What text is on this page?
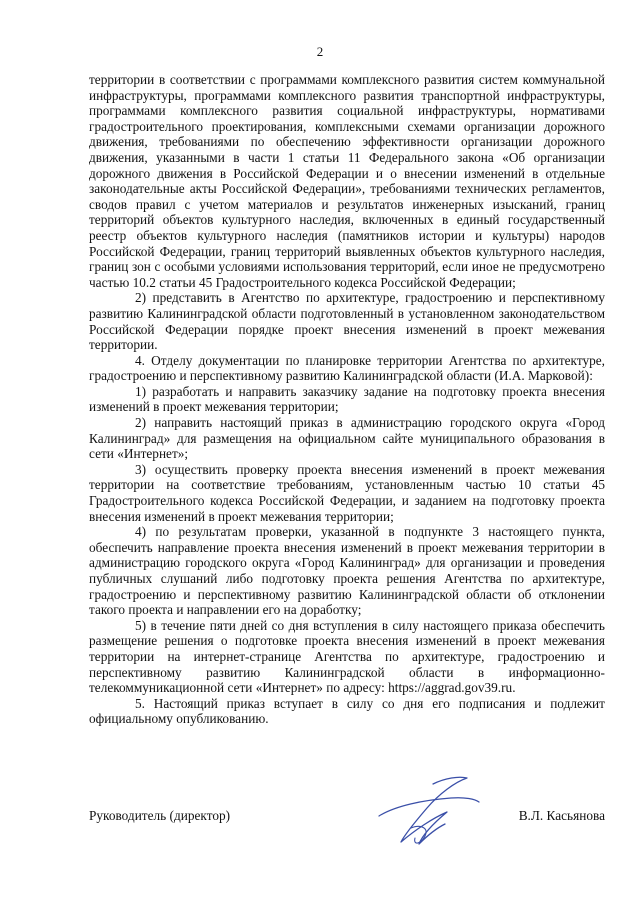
2

территории в соответствии с программами комплексного развития систем коммунальной инфраструктуры, программами комплексного развития транспортной инфраструктуры, программами комплексного развития социальной инфраструктуры, нормативами градостроительного проектирования, комплексными схемами организации дорожного движения, требованиями по обеспечению эффективности организации дорожного движения, указанными в части 1 статьи 11 Федерального закона «Об организации дорожного движения в Российской Федерации и о внесении изменений в отдельные законодательные акты Российской Федерации», требованиями технических регламентов, сводов правил с учетом материалов и результатов инженерных изысканий, границ территорий объектов культурного наследия, включенных в единый государственный реестр объектов культурного наследия (памятников истории и культуры) народов Российской Федерации, границ территорий выявленных объектов культурного наследия, границ зон с особыми условиями использования территорий, если иное не предусмотрено частью 10.2 статьи 45 Градостроительного кодекса Российской Федерации;

2) представить в Агентство по архитектуре, градостроению и перспективному развитию Калининградской области подготовленный в установленном законодательством Российской Федерации порядке проект внесения изменений в проект межевания территории.

4. Отделу документации по планировке территории Агентства по архитектуре, градостроению и перспективному развитию Калининградской области (И.А. Марковой):

1) разработать и направить заказчику задание на подготовку проекта внесения изменений в проект межевания территории;

2) направить настоящий приказ в администрацию городского округа «Город Калининград» для размещения на официальном сайте муниципального образования в сети «Интернет»;

3) осуществить проверку проекта внесения изменений в проект межевания территории на соответствие требованиям, установленным частью 10 статьи 45 Градостроительного кодекса Российской Федерации, и заданием на подготовку проекта внесения изменений в проект межевания территории;

4) по результатам проверки, указанной в подпункте 3 настоящего пункта, обеспечить направление проекта внесения изменений в проект межевания территории в администрацию городского округа «Город Калининград» для организации и проведения публичных слушаний либо подготовку проекта решения Агентства по архитектуре, градостроению и перспективному развитию Калининградской области об отклонении такого проекта и направлении его на доработку;

5) в течение пяти дней со дня вступления в силу настоящего приказа обеспечить размещение решения о подготовке проекта внесения изменений в проект межевания территории на интернет-странице Агентства по архитектуре, градостроению и перспективному развитию Калининградской области в информационно-телекоммуникационной сети «Интернет» по адресу: https://aggrad.gov39.ru.

5. Настоящий приказ вступает в силу со дня его подписания и подлежит официальному опубликованию.

Руководитель (директор)	В.Л. Касьянова
